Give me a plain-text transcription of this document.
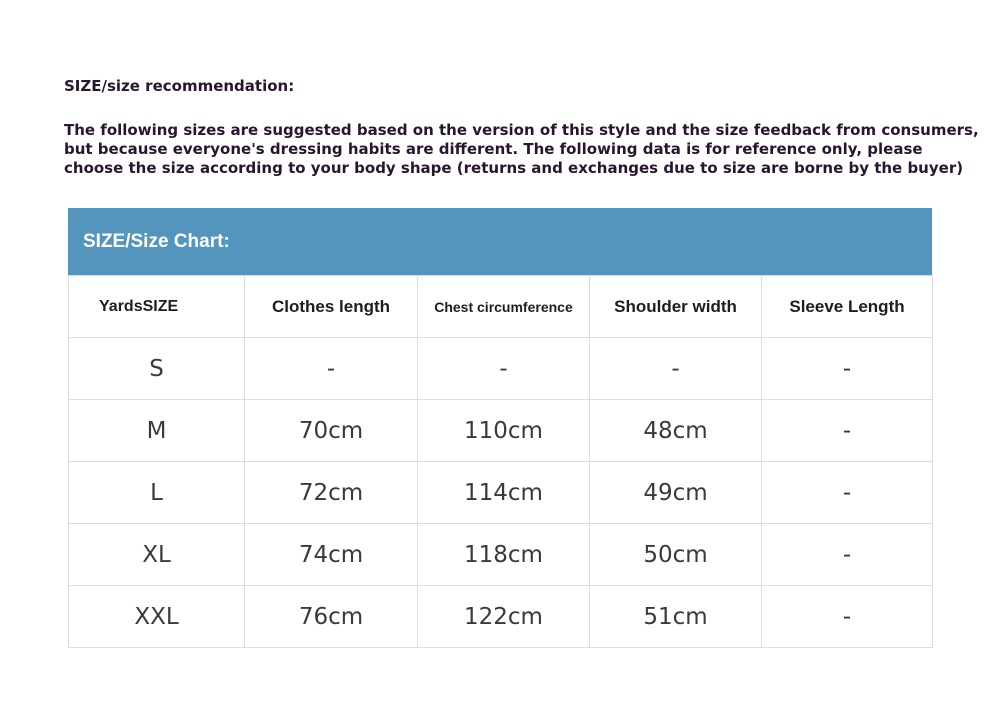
SIZE/size recommendation:
The following sizes are suggested based on the version of this style and the size feedback from consumers,
but because everyone's dressing habits are different. The following data is for reference only, please
choose the size according to your body shape (returns and exchanges due to size are borne by the buyer)
SIZE/Size Chart:
YardsSIZE	Clothes length	Chest circumference	Shoulder width	Sleeve Length
S	-	-	-	-
M	70cm	110cm	48cm	-
L	72cm	114cm	49cm	-
XL	74cm	118cm	50cm	-
XXL	76cm	122cm	51cm	-
